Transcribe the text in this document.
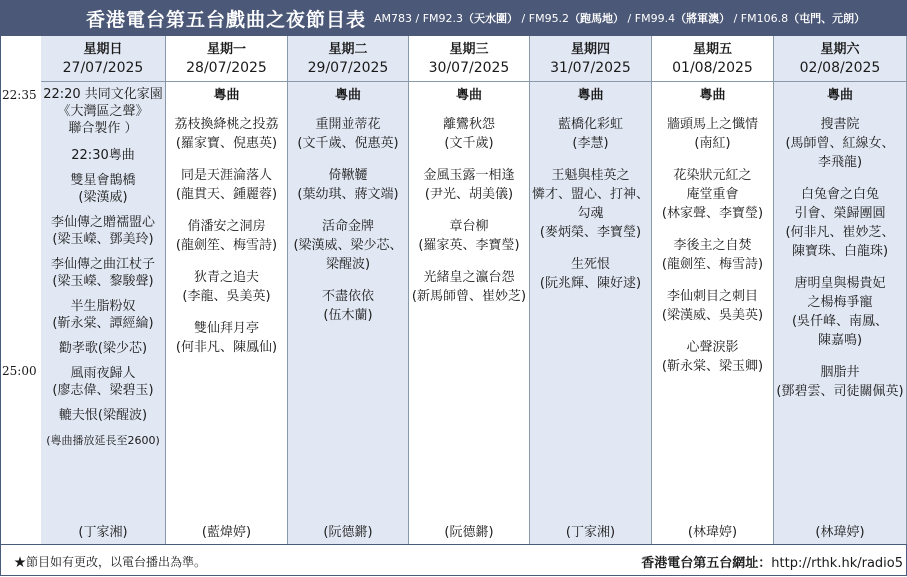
香港電台第五台戲曲之夜節目表 AM783 / FM92.3（天水圍） / FM95.2（跑馬地） / FM99.4（將軍澳） / FM106.8（屯門、元朗）
22:35
25:00
星期日
27/07/2025
22:20 共同文化家園
《大灣區之聲》
聯合製作 ）
22:30粵曲
雙星會鵲橋
(梁漢威)
李仙傳之贈襦盟心
(梁玉嶸、鄧美玲)
李仙傳之曲江杖子
(梁玉嶸、黎駿聲)
半生脂粉奴
(靳永棠、譚經綸)
勸孝歌(梁少芯)
風雨夜歸人
(廖志偉、梁碧玉)
轆夫恨(梁醒波)
(粵曲播放延長至2600)
(丁家湘)
星期一
28/07/2025
粵曲
荔枝換絳桃之投荔
(羅家寶、倪惠英)
同是天涯淪落人
(龍貫天、鍾麗蓉)
俏潘安之洞房
(龍劍笙、梅雪詩)
狄青之追夫
(李龍、吳美英)
雙仙拜月亭
(何非凡、陳鳳仙)
(藍煒婷)
星期二
29/07/2025
粵曲
重開並蒂花
(文千歲、倪惠英)
倚鞦韆
(葉幼琪、蔣文端)
活命金牌
(梁漢威、梁少芯、
梁醒波)
不盡依依
(伍木蘭)
(阮德鏘)
星期三
30/07/2025
粵曲
離鸞秋怨
(文千歲)
金風玉露一相逢
(尹光、胡美儀)
章台柳
(羅家英、李寶瑩)
光緒皇之瀛台怨
(新馬師曾、崔妙芝)
(阮德鏘)
星期四
31/07/2025
粵曲
藍橋化彩虹
(李慧)
王魁與桂英之
憐才、盟心、打神、
勾魂
(麥炳榮、李寶瑩)
生死恨
(阮兆輝、陳好逑)
(丁家湘)
星期五
01/08/2025
粵曲
牆頭馬上之懺情
(南紅)
花染狀元紅之
庵堂重會
(林家聲、李寶瑩)
李後主之自焚
(龍劍笙、梅雪詩)
李仙刺目之刺目
(梁漢威、吳美英)
心聲淚影
(靳永棠、梁玉卿)
(林瑋婷)
星期六
02/08/2025
粵曲
搜書院
(馬師曾、紅線女、
李飛龍)
白兔會之白兔
引會、榮歸團圓
(何非凡、崔妙芝、
陳寶珠、白龍珠)
唐明皇與楊貴妃
之楊梅爭寵
(吳仟峰、南鳳、
陳嘉鳴)
胭脂井
(鄧碧雲、司徒關佩英)
(林瑋婷)
★節目如有更改，以電台播出為準。	香港電台第五台網址：http://rthk.hk/radio5
